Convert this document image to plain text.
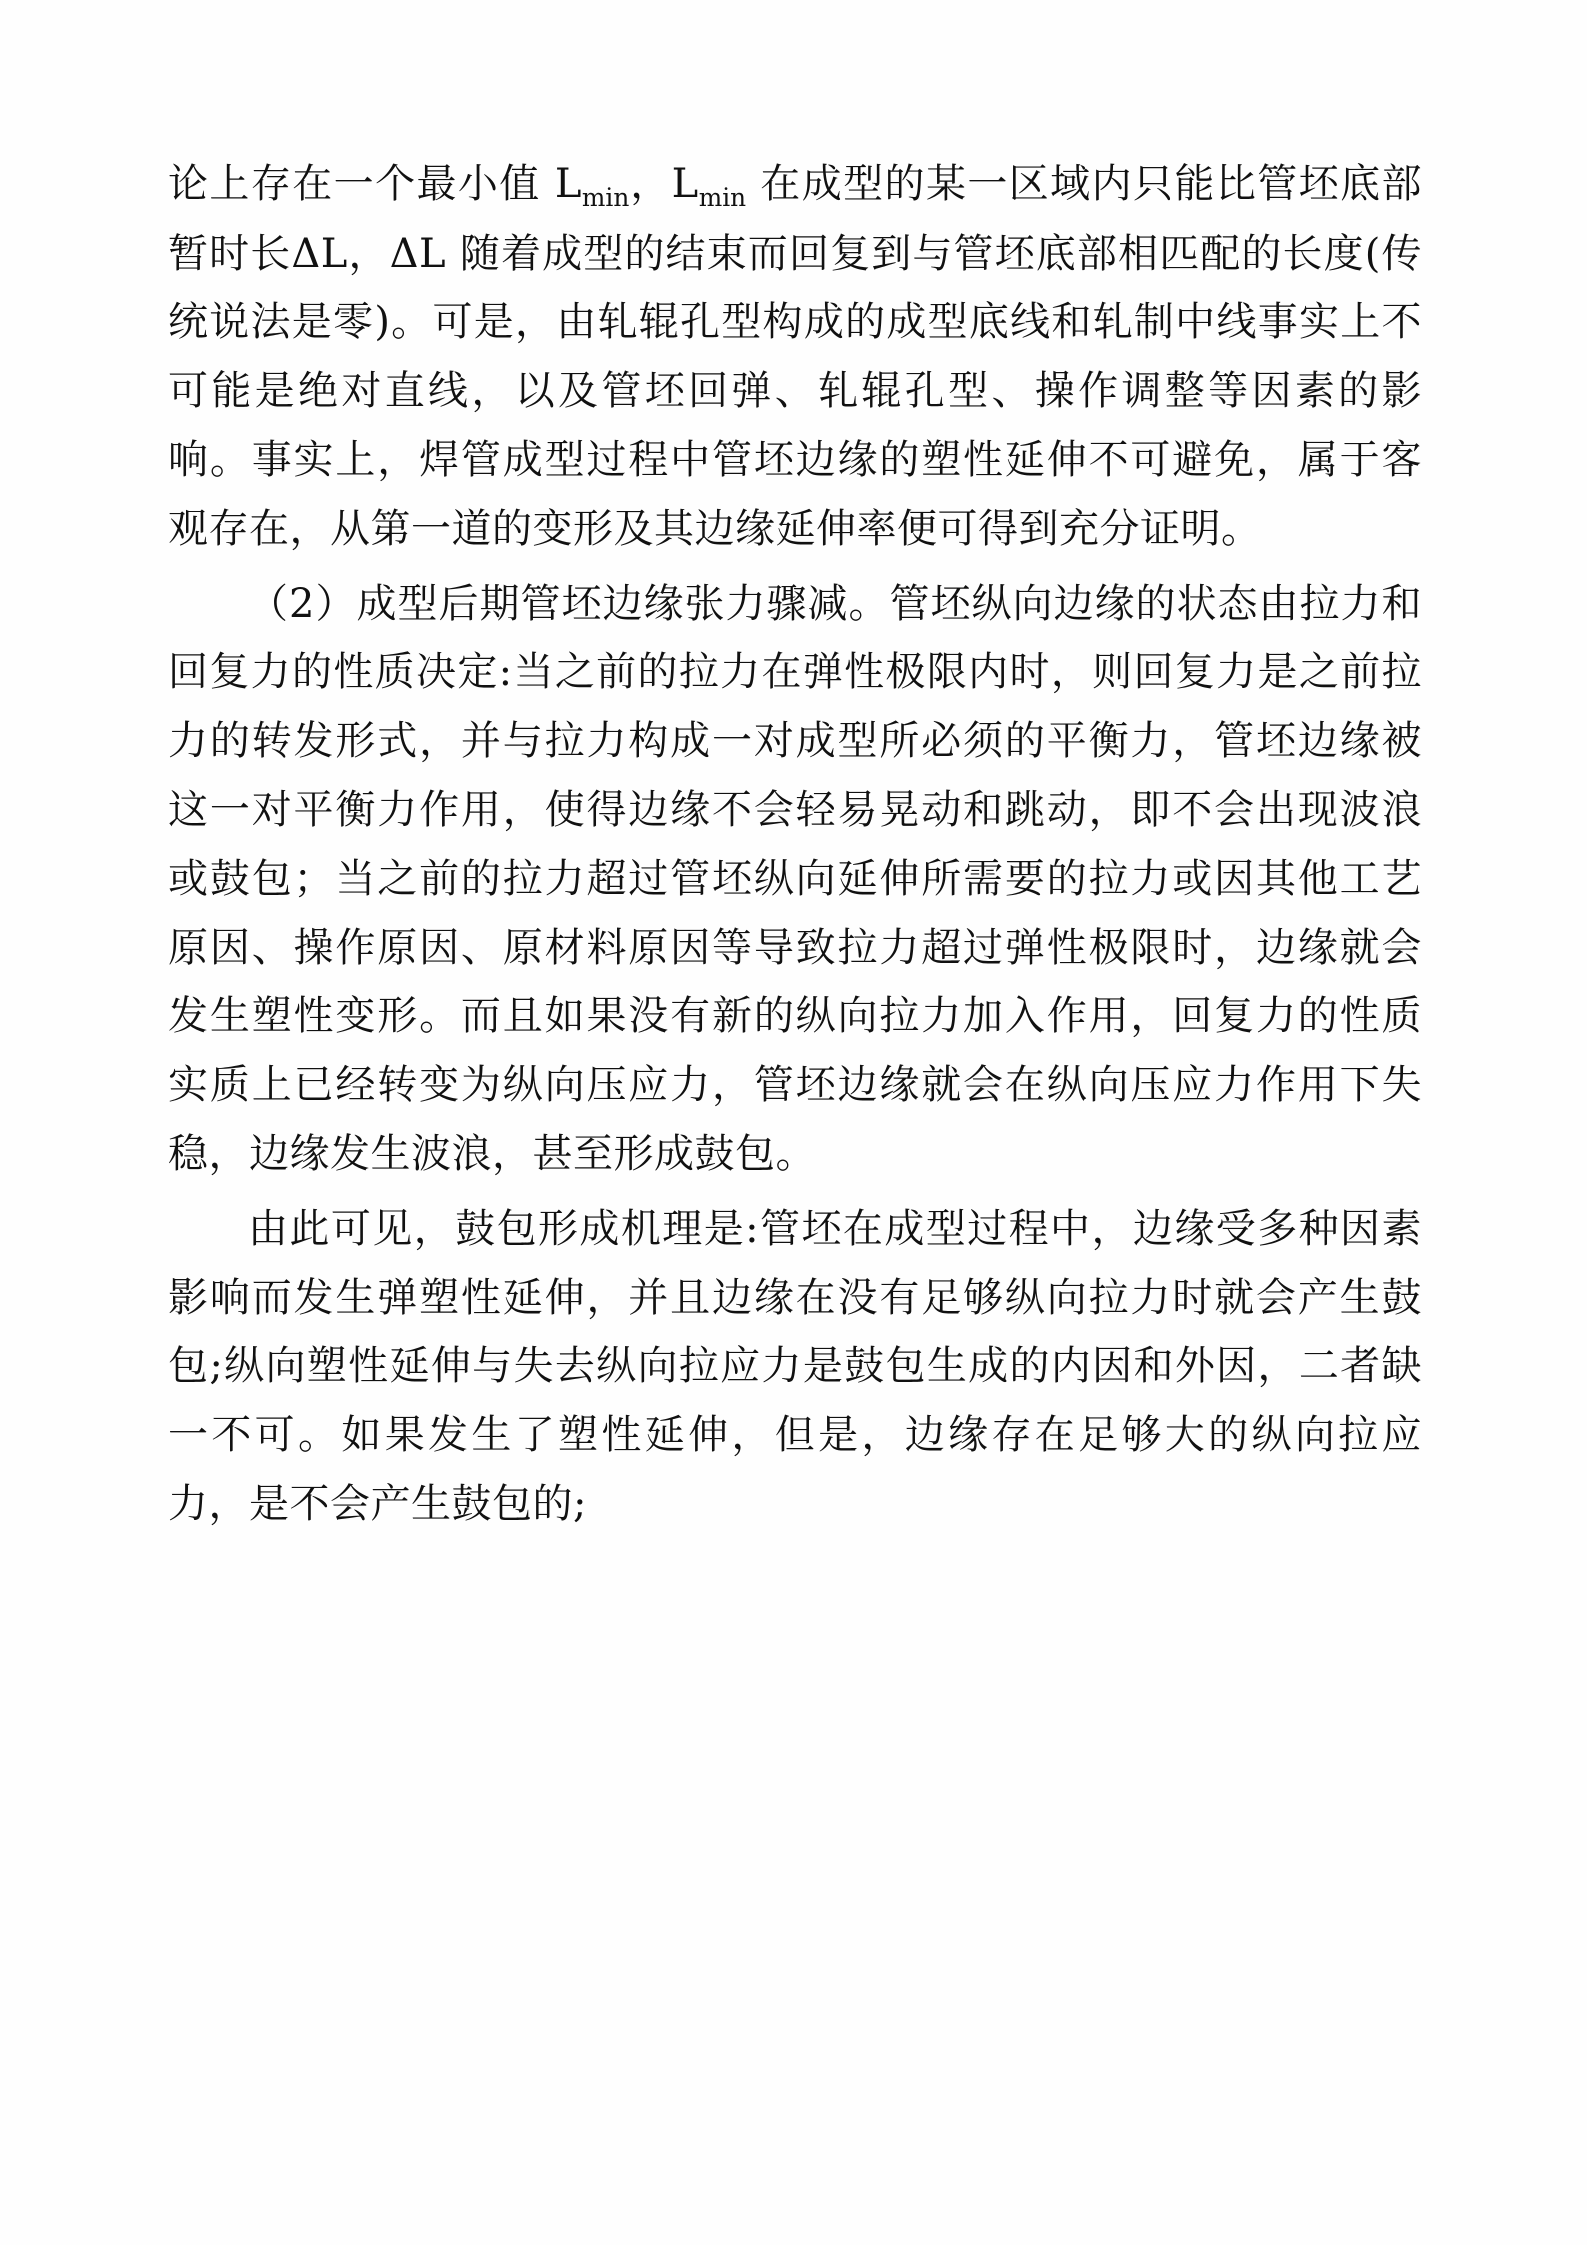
论上存在一个最小值 $L_{min}$，$L_{min}$ 在成型的某一区域内只能比管坯底部暂时长ΔL，ΔL 随着成型的结束而回复到与管坯底部相匹配的长度(传统说法是零)。可是，由轧辊孔型构成的成型底线和轧制中线事实上不可能是绝对直线，以及管坯回弹、轧辊孔型、操作调整等因素的影响。事实上，焊管成型过程中管坯边缘的塑性延伸不可避免，属于客观存在，从第一道的变形及其边缘延伸率便可得到充分证明。

（2）成型后期管坯边缘张力骤减。管坯纵向边缘的状态由拉力和回复力的性质决定:当之前的拉力在弹性极限内时，则回复力是之前拉力的转发形式，并与拉力构成一对成型所必须的平衡力，管坯边缘被这一对平衡力作用，使得边缘不会轻易晃动和跳动，即不会出现波浪或鼓包；当之前的拉力超过管坯纵向延伸所需要的拉力或因其他工艺原因、操作原因、原材料原因等导致拉力超过弹性极限时，边缘就会发生塑性变形。而且如果没有新的纵向拉力加入作用，回复力的性质实质上已经转变为纵向压应力，管坯边缘就会在纵向压应力作用下失稳，边缘发生波浪，甚至形成鼓包。

由此可见，鼓包形成机理是:管坯在成型过程中，边缘受多种因素影响而发生弹塑性延伸，并且边缘在没有足够纵向拉力时就会产生鼓包;纵向塑性延伸与失去纵向拉应力是鼓包生成的内因和外因，二者缺一不可。如果发生了塑性延伸，但是，边缘存在足够大的纵向拉应力，是不会产生鼓包的;
